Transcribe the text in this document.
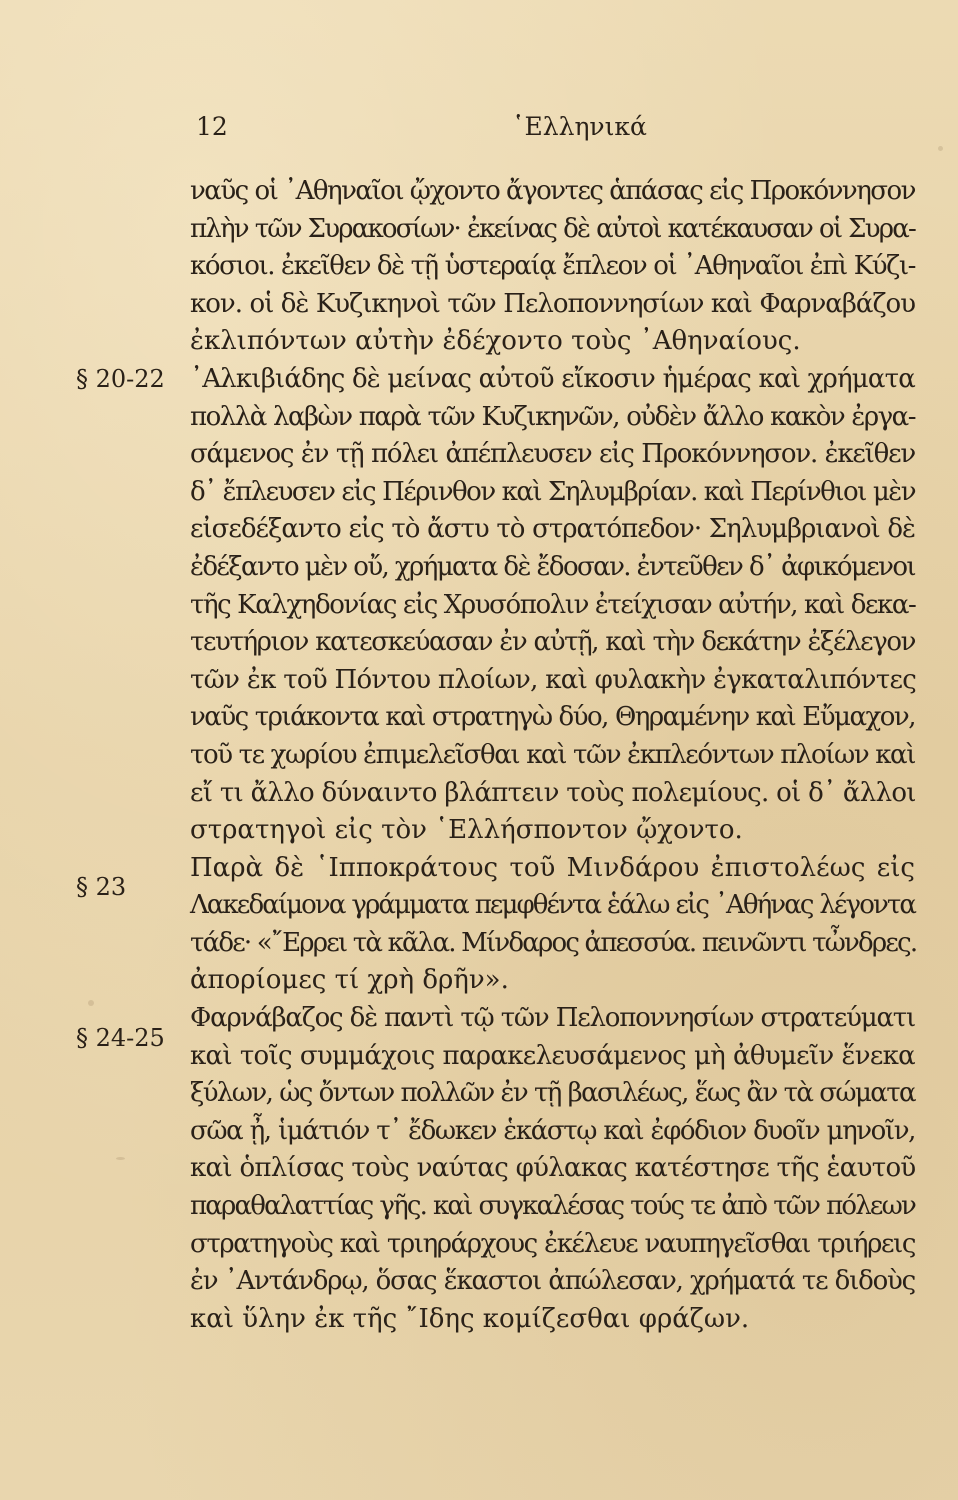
12	῾Ελληνικά
§ 20-22
§ 23
§ 24-25
ναῦς οἱ ᾿Αθηναῖοι ᾤχοντο ἄγοντες ἁπάσας εἰς Προκόννησον
πλὴν τῶν Συρακοσίων· ἐκείνας δὲ αὐτοὶ κατέκαυσαν οἱ Συρα-
κόσιοι. ἐκεῖθεν δὲ τῇ ὑστεραίᾳ ἔπλεον οἱ ᾿Αθηναῖοι ἐπὶ Κύζι-
κον. οἱ δὲ Κυζικηνοὶ τῶν Πελοποννησίων καὶ Φαρναβάζου
ἐκλιπόντων αὐτὴν ἐδέχοντο τοὺς ᾿Αθηναίους.
᾿Αλκιβιάδης δὲ μείνας αὐτοῦ εἴκοσιν ἡμέρας καὶ χρήματα
πολλὰ λαβὼν παρὰ τῶν Κυζικηνῶν, οὐδὲν ἄλλο κακὸν ἐργα-
σάμενος ἐν τῇ πόλει ἀπέπλευσεν εἰς Προκόννησον. ἐκεῖθεν
δ᾿ ἔπλευσεν εἰς Πέρινθον καὶ Σηλυμβρίαν. καὶ Περίνθιοι μὲν
εἰσεδέξαντο εἰς τὸ ἄστυ τὸ στρατόπεδον· Σηλυμβριανοὶ δὲ
ἐδέξαντο μὲν οὔ, χρήματα δὲ ἔδοσαν. ἐντεῦθεν δ᾿ ἀφικόμενοι
τῆς Καλχηδονίας εἰς Χρυσόπολιν ἐτείχισαν αὐτήν, καὶ δεκα-
τευτήριον κατεσκεύασαν ἐν αὐτῇ, καὶ τὴν δεκάτην ἐξέλεγον
τῶν ἐκ τοῦ Πόντου πλοίων, καὶ φυλακὴν ἐγκαταλιπόντες
ναῦς τριάκοντα καὶ στρατηγὼ δύο, Θηραμένην καὶ Εὔμαχον,
τοῦ τε χωρίου ἐπιμελεῖσθαι καὶ τῶν ἐκπλεόντων πλοίων καὶ
εἴ τι ἄλλο δύναιντο βλάπτειν τοὺς πολεμίους. οἱ δ᾿ ἄλλοι
στρατηγοὶ εἰς τὸν ῾Ελλήσποντον ᾤχοντο.
Παρὰ δὲ ῾Ιπποκράτους τοῦ Μινδάρου ἐπιστολέως εἰς
Λακεδαίμονα γράμματα πεμφθέντα ἑάλω εἰς ᾿Αθήνας λέγοντα
τάδε· «῎Ερρει τὰ κᾶλα. Μίνδαρος ἀπεσσύα. πεινῶντι τὦνδρες.
ἀπορίομες τί χρὴ δρῆν».
Φαρνάβαζος δὲ παντὶ τῷ τῶν Πελοποννησίων στρατεύματι
καὶ τοῖς συμμάχοις παρακελευσάμενος μὴ ἀθυμεῖν ἕνεκα
ξύλων, ὡς ὄντων πολλῶν ἐν τῇ βασιλέως, ἕως ἂν τὰ σώματα
σῶα ᾖ, ἱμάτιόν τ᾿ ἔδωκεν ἑκάστῳ καὶ ἐφόδιον δυοῖν μηνοῖν,
καὶ ὁπλίσας τοὺς ναύτας φύλακας κατέστησε τῆς ἑαυτοῦ
παραθαλαττίας γῆς. καὶ συγκαλέσας τούς τε ἀπὸ τῶν πόλεων
στρατηγοὺς καὶ τριηράρχους ἐκέλευε ναυπηγεῖσθαι τριήρεις
ἐν ᾿Αντάνδρῳ, ὅσας ἕκαστοι ἀπώλεσαν, χρήματά τε διδοὺς
καὶ ὕλην ἐκ τῆς ῎Ιδης κομίζεσθαι φράζων.
